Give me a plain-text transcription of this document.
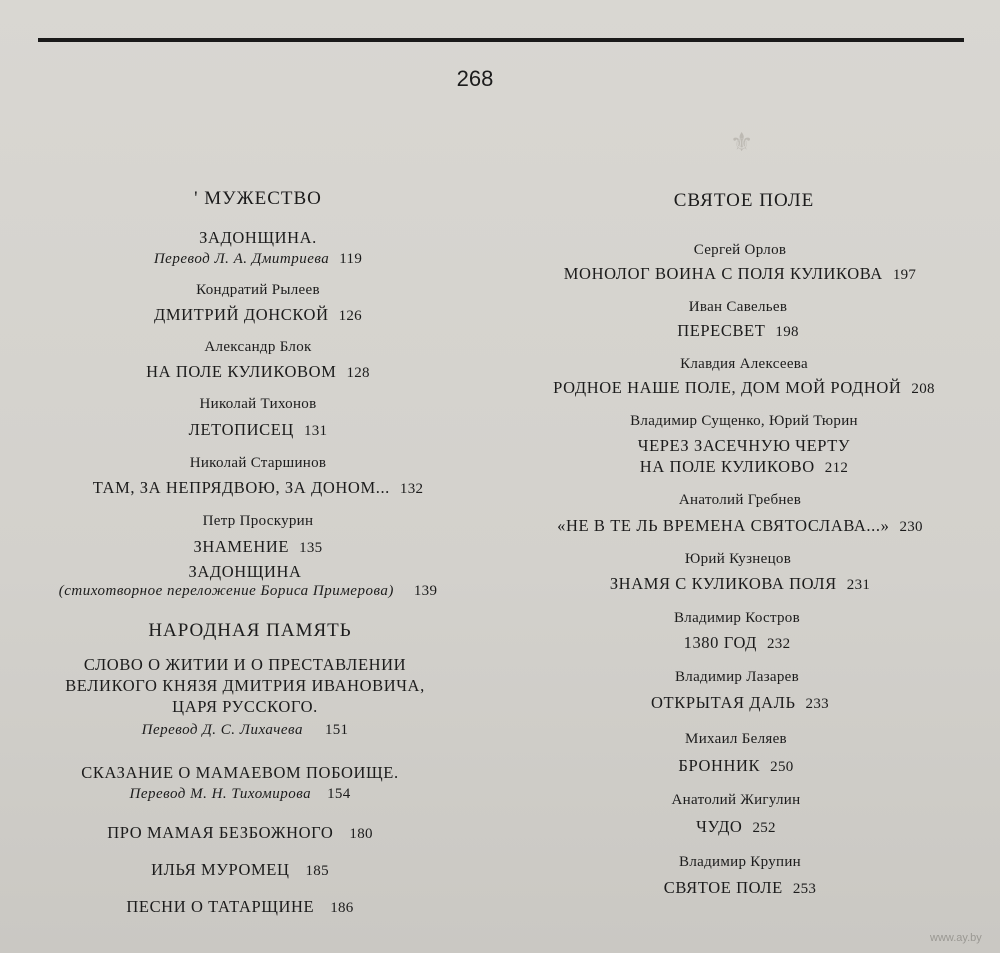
268
⚜
' МУЖЕСТВО
ЗАДОНЩИНА.
Перевод Л. А. Дмитриева 119
Кондратий Рылеев
ДМИТРИЙ ДОНСКОЙ 126
Александр Блок
НА ПОЛЕ КУЛИКОВОМ 128
Николай Тихонов
ЛЕТОПИСЕЦ 131
Николай Старшинов
ТАМ, ЗА НЕПРЯДВОЮ, ЗА ДОНОМ... 132
Петр Проскурин
ЗНАМЕНИЕ 135
ЗАДОНЩИНА
(стихотворное переложение Бориса Примерова) 139
НАРОДНАЯ ПАМЯТЬ
СЛОВО О ЖИТИИ И О ПРЕСТАВЛЕНИИ
ВЕЛИКОГО КНЯЗЯ ДМИТРИЯ ИВАНОВИЧА,
ЦАРЯ РУССКОГО.
Перевод Д. С. Лихачева 151
СКАЗАНИЕ О МАМАЕВОМ ПОБОИЩЕ.
Перевод М. Н. Тихомирова 154
ПРО МАМАЯ БЕЗБОЖНОГО 180
ИЛЬЯ МУРОМЕЦ 185
ПЕСНИ О ТАТАРЩИНЕ 186
СВЯТОЕ ПОЛЕ
Сергей Орлов
МОНОЛОГ ВОИНА С ПОЛЯ КУЛИКОВА 197
Иван Савельев
ПЕРЕСВЕТ 198
Клавдия Алексеева
РОДНОЕ НАШЕ ПОЛЕ, ДОМ МОЙ РОДНОЙ 208
Владимир Сущенко, Юрий Тюрин
ЧЕРЕЗ ЗАСЕЧНУЮ ЧЕРТУ
НА ПОЛЕ КУЛИКОВО 212
Анатолий Гребнев
«НЕ В ТЕ ЛЬ ВРЕМЕНА СВЯТОСЛАВА...» 230
Юрий Кузнецов
ЗНАМЯ С КУЛИКОВА ПОЛЯ 231
Владимир Костров
1380 ГОД 232
Владимир Лазарев
ОТКРЫТАЯ ДАЛЬ 233
Михаил Беляев
БРОННИК 250
Анатолий Жигулин
ЧУДО 252
Владимир Крупин
СВЯТОЕ ПОЛЕ 253
www.ay.by
